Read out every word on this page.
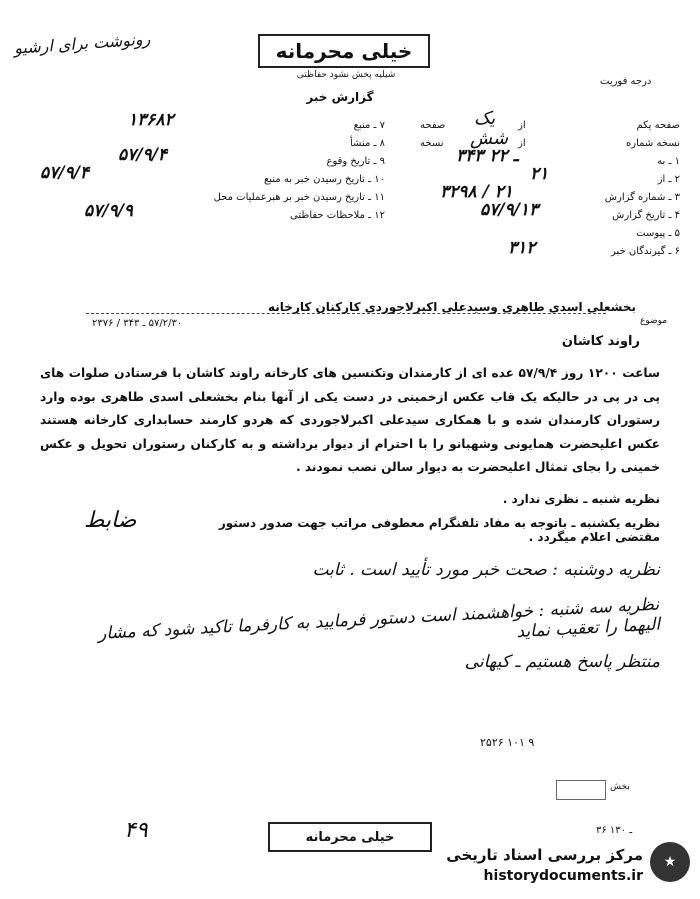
رونوشت برای ارشیو	خیلی محرمانه
شیلیه پخش نشود حفاظتی
گزارش خبر
درجه فوریت
۷ ـ منبع
۱۳۶۸۲
۸ ـ منشأ
۹ ـ تاریخ وقوع
۵۷/۹/۴
۱۰ ـ تاریخ رسیدن خبر به منبع
۵۷/۹/۴
۱۱ ـ تاریخ رسیدن خبر بر هبرعملیات محل
۱۲ ـ ملاحظات حفاظتی
۵۷/۹/۹
صفحه یکم
از
یک
صفحه
نسخه شماره
از
شش
نسخه
۱ ـ به
۳۴۳ ـ ۲۲
۲ ـ از
۲۱
۳ ـ شماره گزارش
۳۲۹۸ / ۲۱
۴ ـ تاریخ گزارش
۵۷/۹/۱۳
۵ ـ پیوست
۶ ـ گیرندگان خبر
۳۱۲
موضوع
بخشعلی اسدی طاهری وسیدعلی اکبرلاجوردی کارکنان کارخانه
۵۷/۲/۳۰ ـ ۳۴۳ / ۲۳۷۶
راوند کاشان
ساعت ۱۲۰۰ روز ۵۷/۹/۴ عده ای از کارمندان وتکنسین های کارخانه راوند کاشان با فرستادن صلوات های پی در پی در حالیکه یک قاب عکس ازخمینی در دست یکی از آنها بنام بخشعلی اسدی طاهری بوده وارد رستوران کارمندان شده و با همکاری سیدعلی اکبرلاجوردی که هردو کارمند حسابداری کارخانه هستند عکس اعلیحضرت همایونی وشهبانو را با احترام از دیوار برداشته و به کارکنان رستوران تحویل و عکس خمینی را بجای تمثال اعلیحضرت به دیوار سالن نصب نمودند .
نظریه شنبه ـ نظری ندارد .
نظریه یکشنبه ـ باتوجه به مفاد تلفنگرام معطوفی مراتب جهت صدور دستور مقتضی اعلام میگردد .
ضابط
نظریه دوشنبه : صحت خبر مورد تأیید است . ثابت
نظریه سه شنبه : خواهشمند است دستور فرمایید به کارفرما تاکید شود که مشار الیهما را تعقیب نماید
منتظر پاسخ هستیم ـ کیهانی
۲۵۲۶ ۱۰۱ ۹
بخش
خیلی محرمانه
۴۹	۳۶ ـ ۱۳۰
★
مرکز بررسی اسناد تاریخی
historydocuments.ir
